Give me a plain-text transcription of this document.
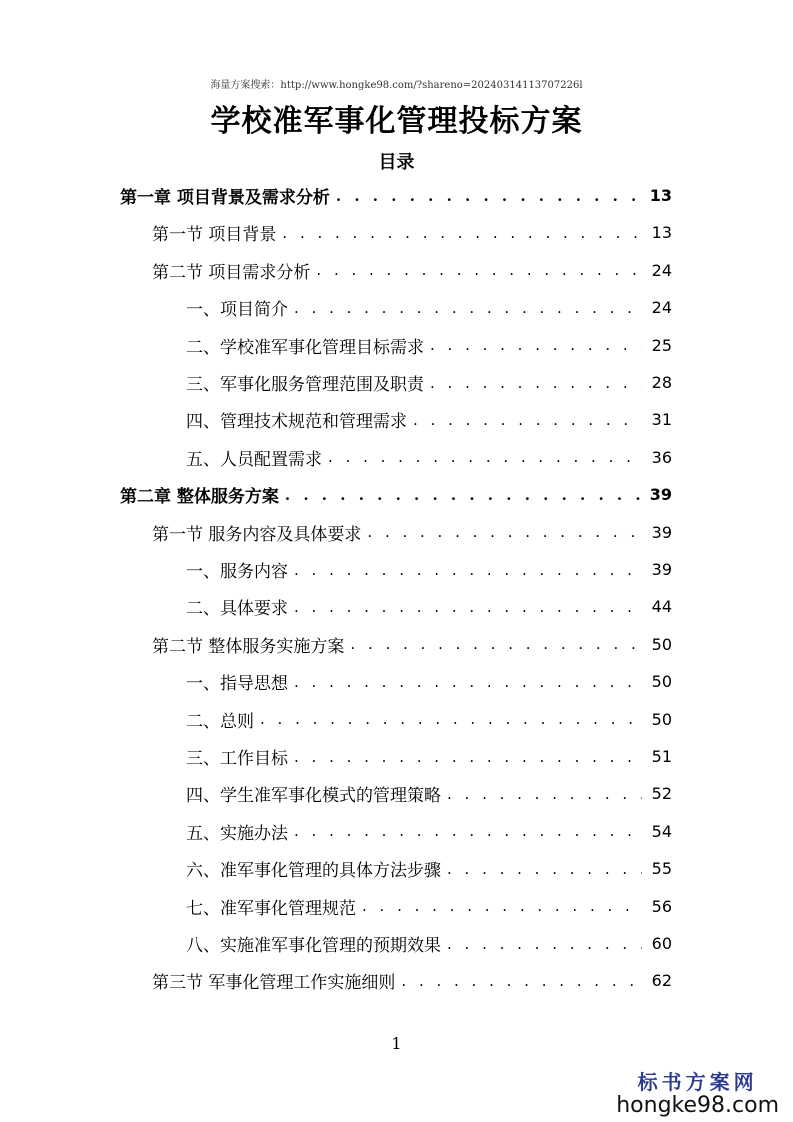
海量方案搜索：http://www.hongke98.com/?shareno=20240314113707226l
学校准军事化管理投标方案
目录
第一章 项目背景及需求分析 . . .	13
第一节 项目背景 . . .	13
第二节 项目需求分析 . . .	24
一、项目简介 . . .	24
二、学校准军事化管理目标需求 . . .	25
三、军事化服务管理范围及职责 . . .	28
四、管理技术规范和管理需求 . . .	31
五、人员配置需求 . . .	36
第二章 整体服务方案 . . .	39
第一节 服务内容及具体要求 . . .	39
一、服务内容 . . .	39
二、具体要求 . . .	44
第二节 整体服务实施方案 . . .	50
一、指导思想 . . .	50
二、总则 . . .	50
三、工作目标 . . .	51
四、学生准军事化模式的管理策略 . . .	52
五、实施办法 . . .	54
六、准军事化管理的具体方法步骤 . . .	55
七、准军事化管理规范 . . .	56
八、实施准军事化管理的预期效果 . . .	60
第三节 军事化管理工作实施细则 . . .	62
1
标书方案网
hongke98.com
